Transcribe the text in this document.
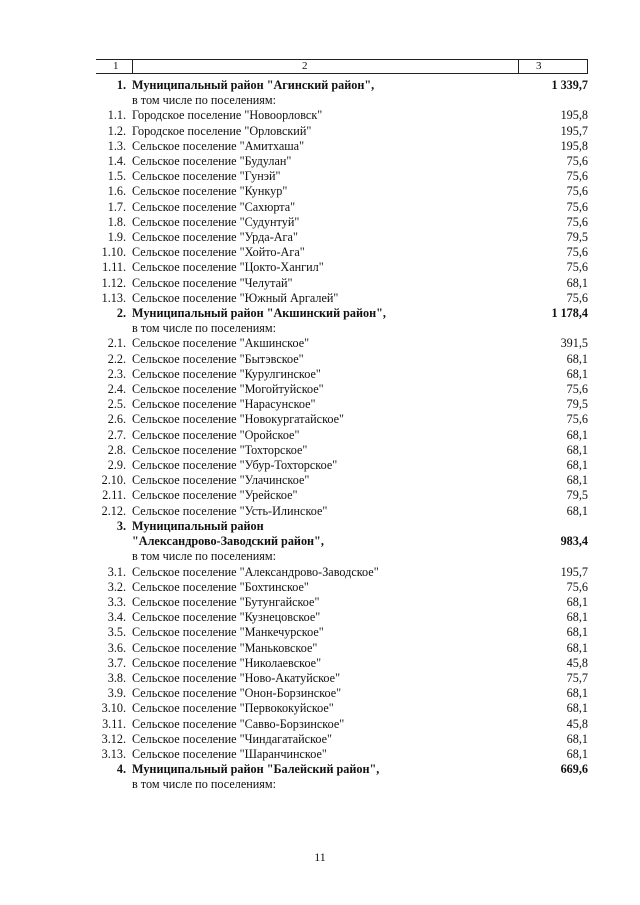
1	2	3
1.	Муниципальный район "Агинский район",	1 339,7
	в том числе по поселениям:	
1.1.	Городское поселение "Новоорловск"	195,8
1.2.	Городское поселение "Орловский"	195,7
1.3.	Сельское поселение "Амитхаша"	195,8
1.4.	Сельское поселение "Будулан"	75,6
1.5.	Сельское поселение "Гунэй"	75,6
1.6.	Сельское поселение "Кункур"	75,6
1.7.	Сельское поселение "Сахюрта"	75,6
1.8.	Сельское поселение "Судунтуй"	75,6
1.9.	Сельское поселение "Урда-Ага"	79,5
1.10.	Сельское поселение "Хойто-Ага"	75,6
1.11.	Сельское поселение "Цокто-Хангил"	75,6
1.12.	Сельское поселение "Челутай"	68,1
1.13.	Сельское поселение "Южный Аргалей"	75,6
2.	Муниципальный район "Акшинский район",	1 178,4
	в том числе по поселениям:	
2.1.	Сельское поселение "Акшинское"	391,5
2.2.	Сельское поселение "Бытэвское"	68,1
2.3.	Сельское поселение "Курулгинское"	68,1
2.4.	Сельское поселение "Могойтуйское"	75,6
2.5.	Сельское поселение "Нарасунское"	79,5
2.6.	Сельское поселение "Новокургатайское"	75,6
2.7.	Сельское поселение "Оройское"	68,1
2.8.	Сельское поселение "Тохторское"	68,1
2.9.	Сельское поселение "Убур-Тохторское"	68,1
2.10.	Сельское поселение "Улачинское"	68,1
2.11.	Сельское поселение "Урейское"	79,5
2.12.	Сельское поселение "Усть-Илинское"	68,1
3.	Муниципальный район	
	"Александрово-Заводский район",	983,4
	в том числе по поселениям:	
3.1.	Сельское поселение "Александрово-Заводское"	195,7
3.2.	Сельское поселение "Бохтинское"	75,6
3.3.	Сельское поселение "Бутунгайское"	68,1
3.4.	Сельское поселение "Кузнецовское"	68,1
3.5.	Сельское поселение "Манкечурское"	68,1
3.6.	Сельское поселение "Маньковское"	68,1
3.7.	Сельское поселение "Николаевское"	45,8
3.8.	Сельское поселение "Ново-Акатуйское"	75,7
3.9.	Сельское поселение "Онон-Борзинское"	68,1
3.10.	Сельское поселение "Первококуйское"	68,1
3.11.	Сельское поселение "Савво-Борзинское"	45,8
3.12.	Сельское поселение "Чиндагатайское"	68,1
3.13.	Сельское поселение "Шаранчинское"	68,1
4.	Муниципальный район "Балейский район",	669,6
	в том числе по поселениям:	
11
